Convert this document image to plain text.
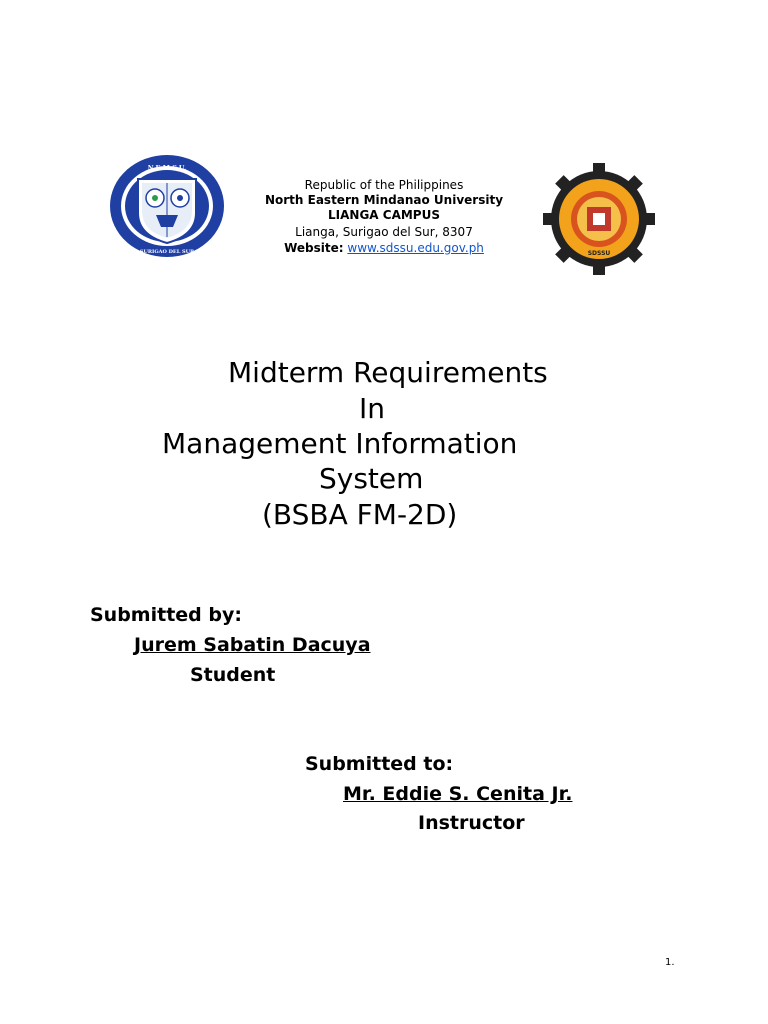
N.E.M.S.U.
SURIGAO DEL SUR
Republic of the Philippines
North Eastern Mindanao University
LIANGA CAMPUS
Lianga, Surigao del Sur, 8307
Website: www.sdssu.edu.gov.ph	SDSSU
Midterm Requirements
In
Management Information
System
(BSBA FM-2D)
Submitted by:
Jurem Sabatin Dacuya
Student
Submitted to:
Mr. Eddie S. Cenita Jr.
Instructor
1.
